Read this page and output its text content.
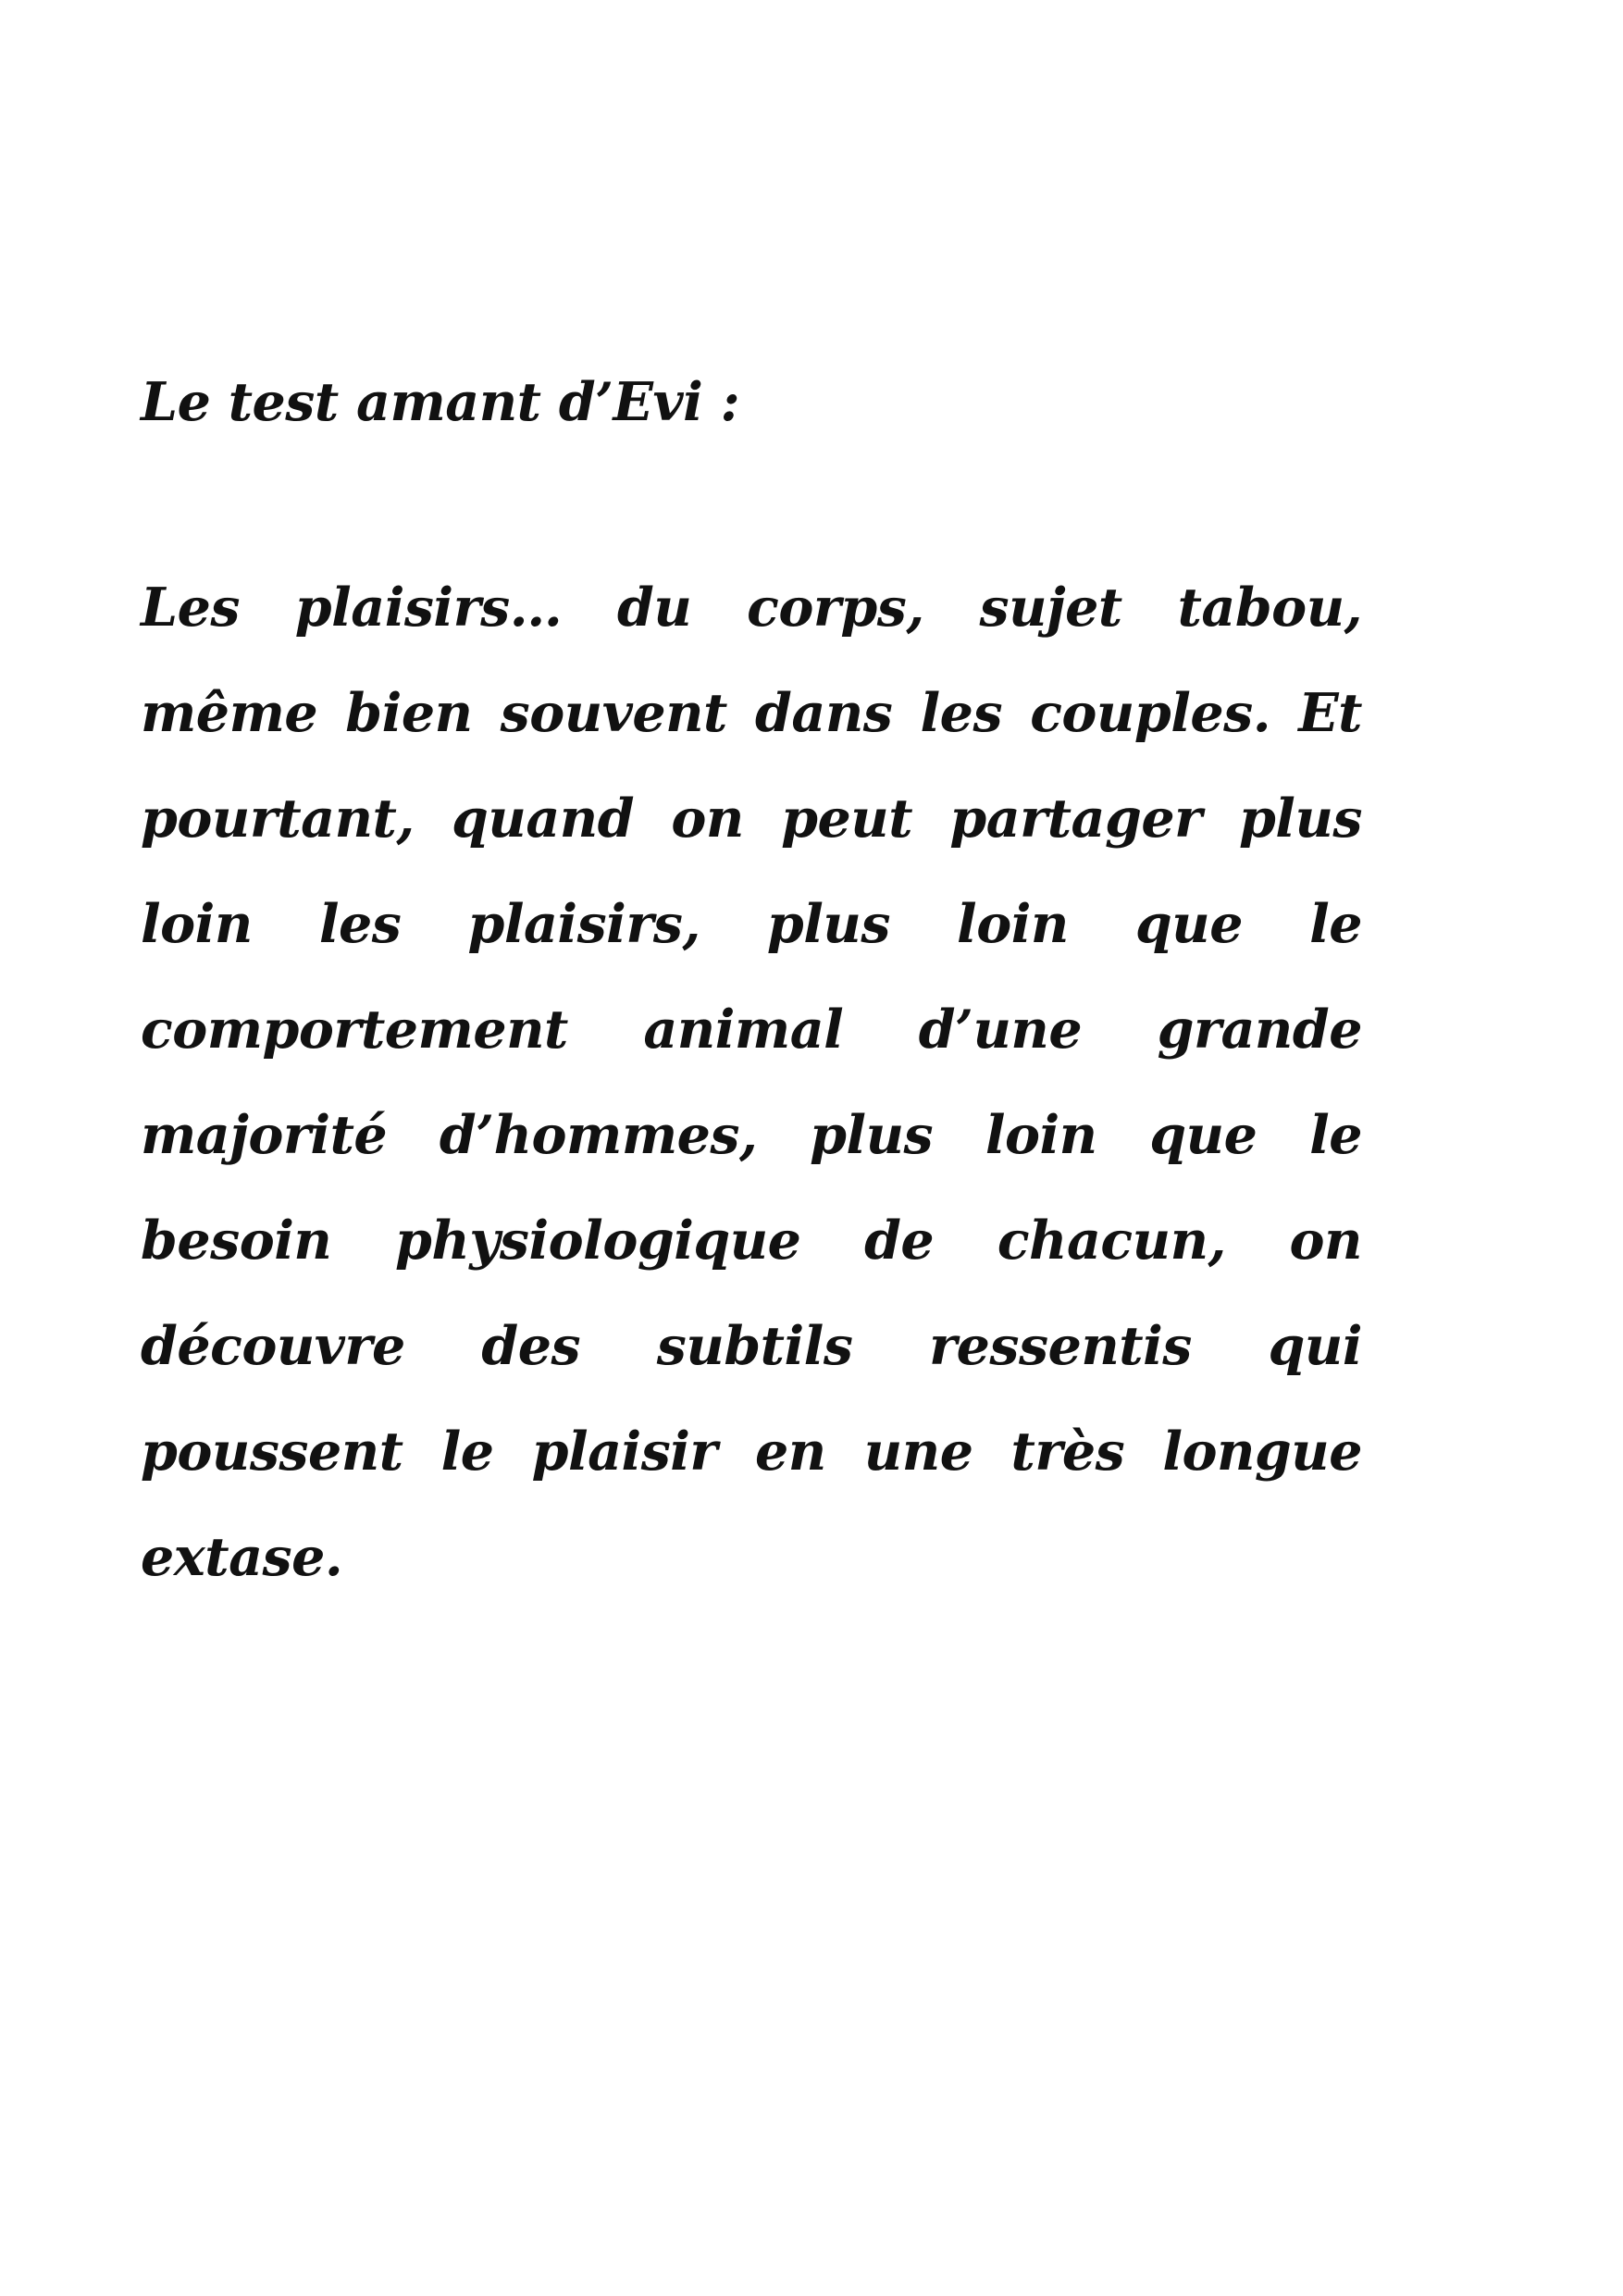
Le test amant d’Evi :

Les plaisirs… du corps, sujet tabou, même bien souvent dans les couples. Et pourtant, quand on peut partager plus loin les plaisirs, plus loin que le comportement animal d’une grande majorité d’hommes, plus loin que le besoin physiologique de chacun, on découvre des subtils ressentis qui poussent le plaisir en une très longue extase.
